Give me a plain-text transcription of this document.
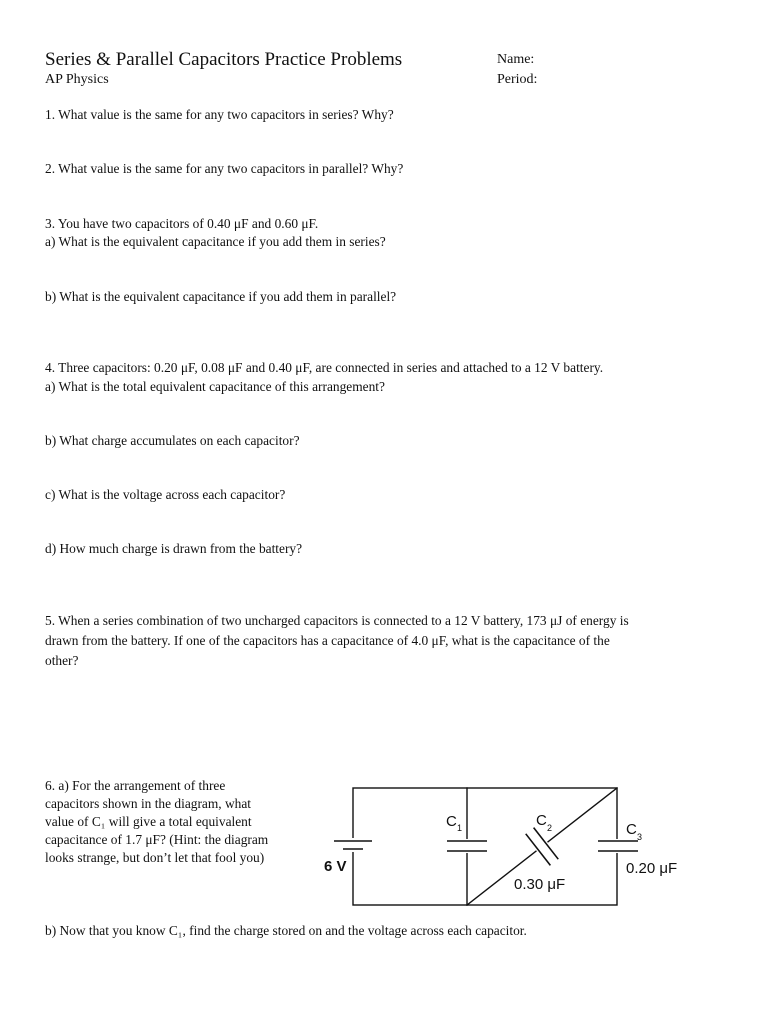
Series & Parallel Capacitors Practice Problems
AP Physics
Name:
Period:
1. What value is the same for any two capacitors in series? Why?
2. What value is the same for any two capacitors in parallel? Why?
3. You have two capacitors of 0.40 μF and 0.60 μF.
a) What is the equivalent capacitance if you add them in series?
b) What is the equivalent capacitance if you add them in parallel?
4. Three capacitors: 0.20 μF, 0.08 μF and 0.40 μF, are connected in series and attached to a 12 V battery.
a) What is the total equivalent capacitance of this arrangement?
b) What charge accumulates on each capacitor?
c) What is the voltage across each capacitor?
d) How much charge is drawn from the battery?
5. When a series combination of two uncharged capacitors is connected to a 12 V battery, 173 μJ of energy is
drawn from the battery. If one of the capacitors has a capacitance of 4.0 μF, what is the capacitance of the
other?
6. a) For the arrangement of three
capacitors shown in the diagram, what
value of C₁ will give a total equivalent
capacitance of 1.7 μF? (Hint: the diagram
looks strange, but don’t let that fool you)
b) Now that you know C₁, find the charge stored on and the voltage across each capacitor.
6 V
C 1	C 2	C 3
0.30 μF
0.20 μF
